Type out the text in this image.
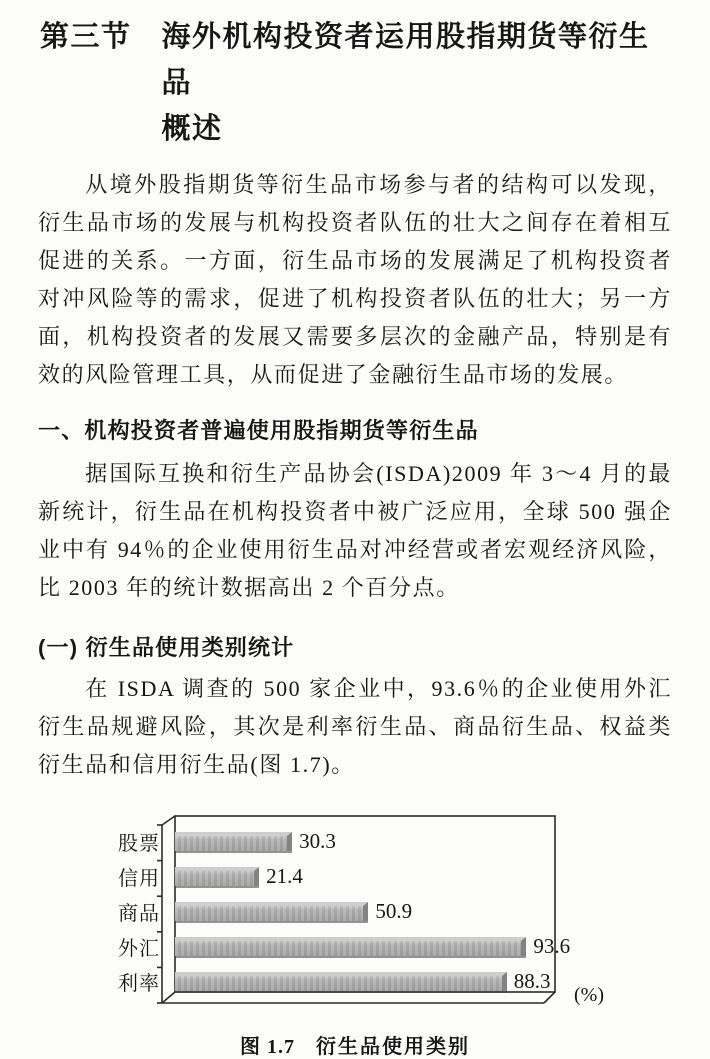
第三节 海外机构投资者运用股指期货等衍生品
概述

从境外股指期货等衍生品市场参与者的结构可以发现，衍生品市场的发展与机构投资者队伍的壮大之间存在着相互促进的关系。一方面，衍生品市场的发展满足了机构投资者对冲风险等的需求，促进了机构投资者队伍的壮大；另一方面，机构投资者的发展又需要多层次的金融产品，特别是有效的风险管理工具，从而促进了金融衍生品市场的发展。

一、机构投资者普遍使用股指期货等衍生品

据国际互换和衍生产品协会(ISDA)2009 年 3～4 月的最新统计，衍生品在机构投资者中被广泛应用，全球 500 强企业中有 94％的企业使用衍生品对冲经营或者宏观经济风险，比 2003 年的统计数据高出 2 个百分点。

(一) 衍生品使用类别统计

在 ISDA 调查的 500 家企业中，93.6％的企业使用外汇衍生品规避风险，其次是利率衍生品、商品衍生品、权益类衍生品和信用衍生品(图 1.7)。

股票	30.3
信用	21.4
商品	50.9
外汇	93.6
利率	88.3
(%)
图 1.7 衍生品使用类别
